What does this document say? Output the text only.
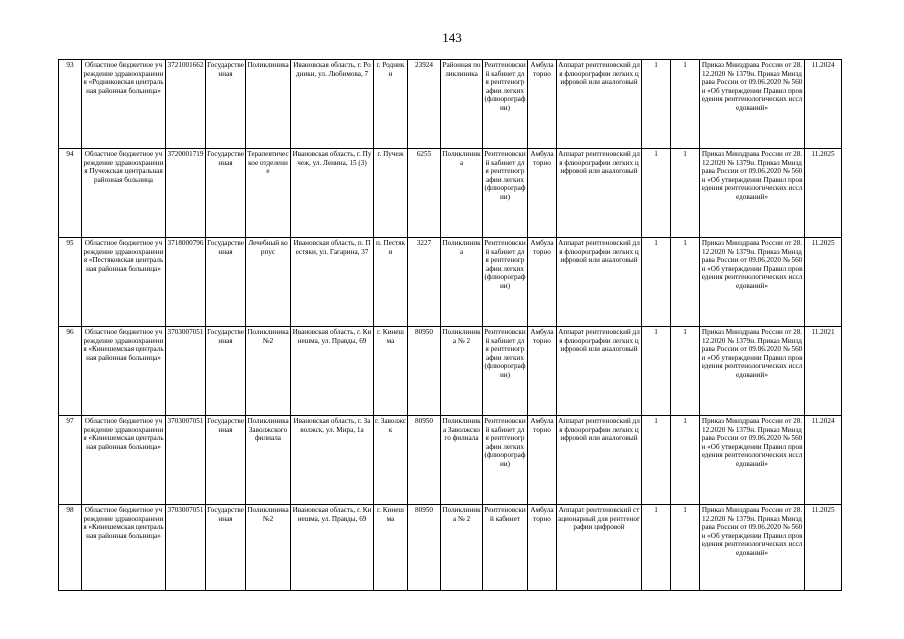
143
93	Областное бюджетное учреждение здравоохранения «Родниковская центральная районная больница»	3721001662	Государственная	Поликлиника	Ивановская область, г. Родники, ул. Любимова, 7	г. Родники	23924	Районная поликлиника	Рентгеновский кабинет для рентгенографии легких (флюорографии)	Амбулаторно	Аппарат рентгеновский для флюорографии легких цифровой или аналоговый	1	1	Приказ Минздрава России от 28.12.2020 № 1379н. Приказ Минздрава России от 09.06.2020 № 560н «Об утверждении Правил проведения рентгенологических исследований»	11.2024
94	Областное бюджетное учреждение здравоохранения Пучежская центральная районная больница	3720001719	Государственная	Терапевтическое отделение	Ивановская область, г. Пучеж, ул. Ленина, 15 (3)	г. Пучеж	6255	Поликлиника	Рентгеновский кабинет для рентгенографии легких (флюорографии)	Амбулаторно	Аппарат рентгеновский для флюорографии легких цифровой или аналоговый	1	1	Приказ Минздрава России от 28.12.2020 № 1379н. Приказ Минздрава России от 09.06.2020 № 560н «Об утверждении Правил проведения рентгенологических исследований»	11.2025
95	Областное бюджетное учреждение здравоохранения «Пестяковская центральная районная больница»	3718000796	Государственная	Лечебный корпус	Ивановская область, п. Пестяки, ул. Гагарина, 37	п. Пестяки	3227	Поликлиника	Рентгеновский кабинет для рентгенографии легких (флюорографии)	Амбулаторно	Аппарат рентгеновский для флюорографии легких цифровой или аналоговый	1	1	Приказ Минздрава России от 28.12.2020 № 1379н. Приказ Минздрава России от 09.06.2020 № 560н «Об утверждении Правил проведения рентгенологических исследований»	11.2025
96	Областное бюджетное учреждение здравоохранения «Кинешемская центральная районная больница»	3703007051	Государственная	Поликлиника №2	Ивановская область, г. Кинешма, ул. Правды, 69	г. Кинешма	80950	Поликлиника № 2	Рентгеновский кабинет для рентгенографии легких (флюорографии)	Амбулаторно	Аппарат рентгеновский для флюорографии легких цифровой или аналоговый	1	1	Приказ Минздрава России от 28.12.2020 № 1379н. Приказ Минздрава России от 09.06.2020 № 560н «Об утверждении Правил проведения рентгенологических исследований»	11.2021
97	Областное бюджетное учреждение здравоохранения «Кинешемская центральная районная больница»	3703007051	Государственная	Поликлиника Заволжского филиала	Ивановская область, г. Заволжск, ул. Мира, 1а	г. Заволжск	80950	Поликлиника Заволжского филиала	Рентгеновский кабинет для рентгенографии легких (флюорографии)	Амбулаторно	Аппарат рентгеновский для флюорографии легких цифровой или аналоговый	1	1	Приказ Минздрава России от 28.12.2020 № 1379н. Приказ Минздрава России от 09.06.2020 № 560н «Об утверждении Правил проведения рентгенологических исследований»	11.2024
98	Областное бюджетное учреждение здравоохранения «Кинешемская центральная районная больница»	3703007051	Государственная	Поликлиника №2	Ивановская область, г. Кинешма, ул. Правды, 69	г. Кинешма	80950	Поликлиника № 2	Рентгеновский кабинет	Амбулаторно	Аппарат рентгеновский стационарный для рентгенографии цифровой	1	1	Приказ Минздрава России от 28.12.2020 № 1379н. Приказ Минздрава России от 09.06.2020 № 560н «Об утверждении Правил проведения рентгенологических исследований»	11.2025
